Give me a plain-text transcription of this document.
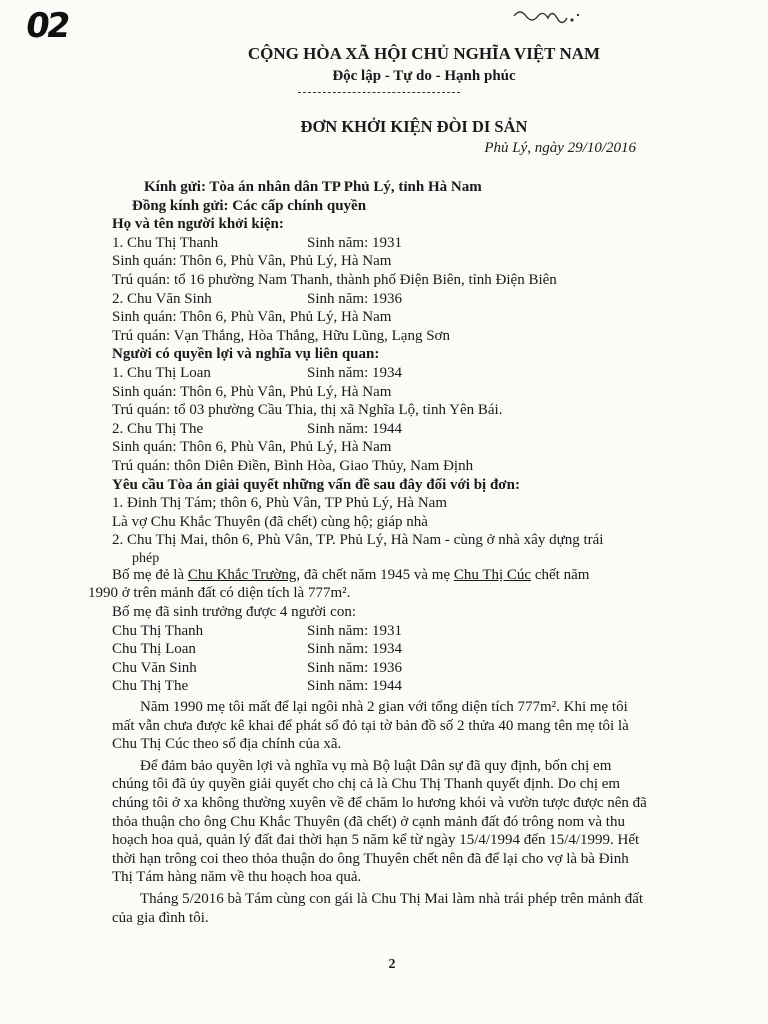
02
CỘNG HÒA XÃ HỘI CHỦ NGHĨA VIỆT NAM
Độc lập - Tự do - Hạnh phúc
ĐƠN KHỞI KIỆN ĐÒI DI SẢN
Phủ Lý, ngày 29/10/2016
Kính gửi: Tòa án nhân dân TP Phủ Lý, tỉnh Hà Nam
Đồng kính gửi: Các cấp chính quyền
Họ và tên người khởi kiện:
1. Chu Thị Thanh	Sinh năm: 1931
Sinh quán: Thôn 6, Phù Vân, Phủ Lý, Hà Nam
Trú quán: tổ 16 phường Nam Thanh, thành phố Điện Biên, tỉnh Điện Biên
2. Chu Văn Sinh	Sinh năm: 1936
Sinh quán: Thôn 6, Phù Vân, Phủ Lý, Hà Nam
Trú quán: Vạn Thắng, Hòa Thắng, Hữu Lũng, Lạng Sơn
Người có quyền lợi và nghĩa vụ liên quan:
1. Chu Thị Loan	Sinh năm: 1934
Sinh quán: Thôn 6, Phù Vân, Phủ Lý, Hà Nam
Trú quán: tổ 03 phường Cầu Thia, thị xã Nghĩa Lộ, tỉnh Yên Bái.
2. Chu Thị The	Sinh năm: 1944
Sinh quán: Thôn 6, Phù Vân, Phủ Lý, Hà Nam
Trú quán: thôn Diên Điền, Bình Hòa, Giao Thủy, Nam Định
Yêu cầu Tòa án giải quyết những vấn đề sau đây đối với bị đơn:
1. Đinh Thị Tám; thôn 6, Phù Vân, TP Phủ Lý, Hà Nam
Là vợ Chu Khắc Thuyên (đã chết) cùng hộ; giáp nhà
2. Chu Thị Mai, thôn 6, Phù Vân, TP. Phủ Lý, Hà Nam - cùng ở nhà xây dựng trái
phép
Bố mẹ đẻ là Chu Khắc Trường, đã chết năm 1945 và mẹ Chu Thị Cúc chết năm
1990 ở trên mảnh đất có diện tích là 777m².
Bố mẹ đã sinh trưởng được 4 người con:
Chu Thị Thanh	Sinh năm: 1931
Chu Thị Loan	Sinh năm: 1934
Chu Văn Sinh	Sinh năm: 1936
Chu Thị The	Sinh năm: 1944
Năm 1990 mẹ tôi mất để lại ngôi nhà 2 gian với tổng diện tích 777m². Khi mẹ tôi
mất vẫn chưa được kê khai để phát sổ đỏ tại tờ bản đồ số 2 thửa 40 mang tên mẹ tôi là
Chu Thị Cúc theo sổ địa chính của xã.
Để đảm bảo quyền lợi và nghĩa vụ mà Bộ luật Dân sự đã quy định, bốn chị em
chúng tôi đã ủy quyền giải quyết cho chị cả là Chu Thị Thanh quyết định. Do chị em
chúng tôi ở xa không thường xuyên về để chăm lo hương khói và vườn tược được nên đã
thỏa thuận cho ông Chu Khắc Thuyên (đã chết) ở cạnh mảnh đất đó trông nom và thu
hoạch hoa quả, quản lý đất đai thời hạn 5 năm kể từ ngày 15/4/1994 đến 15/4/1999. Hết
thời hạn trông coi theo thỏa thuận do ông Thuyên chết nên đã để lại cho vợ là bà Đinh
Thị Tám hàng năm về thu hoạch hoa quả.
Tháng 5/2016 bà Tám cùng con gái là Chu Thị Mai làm nhà trái phép trên mảnh đất
của gia đình tôi.
2
